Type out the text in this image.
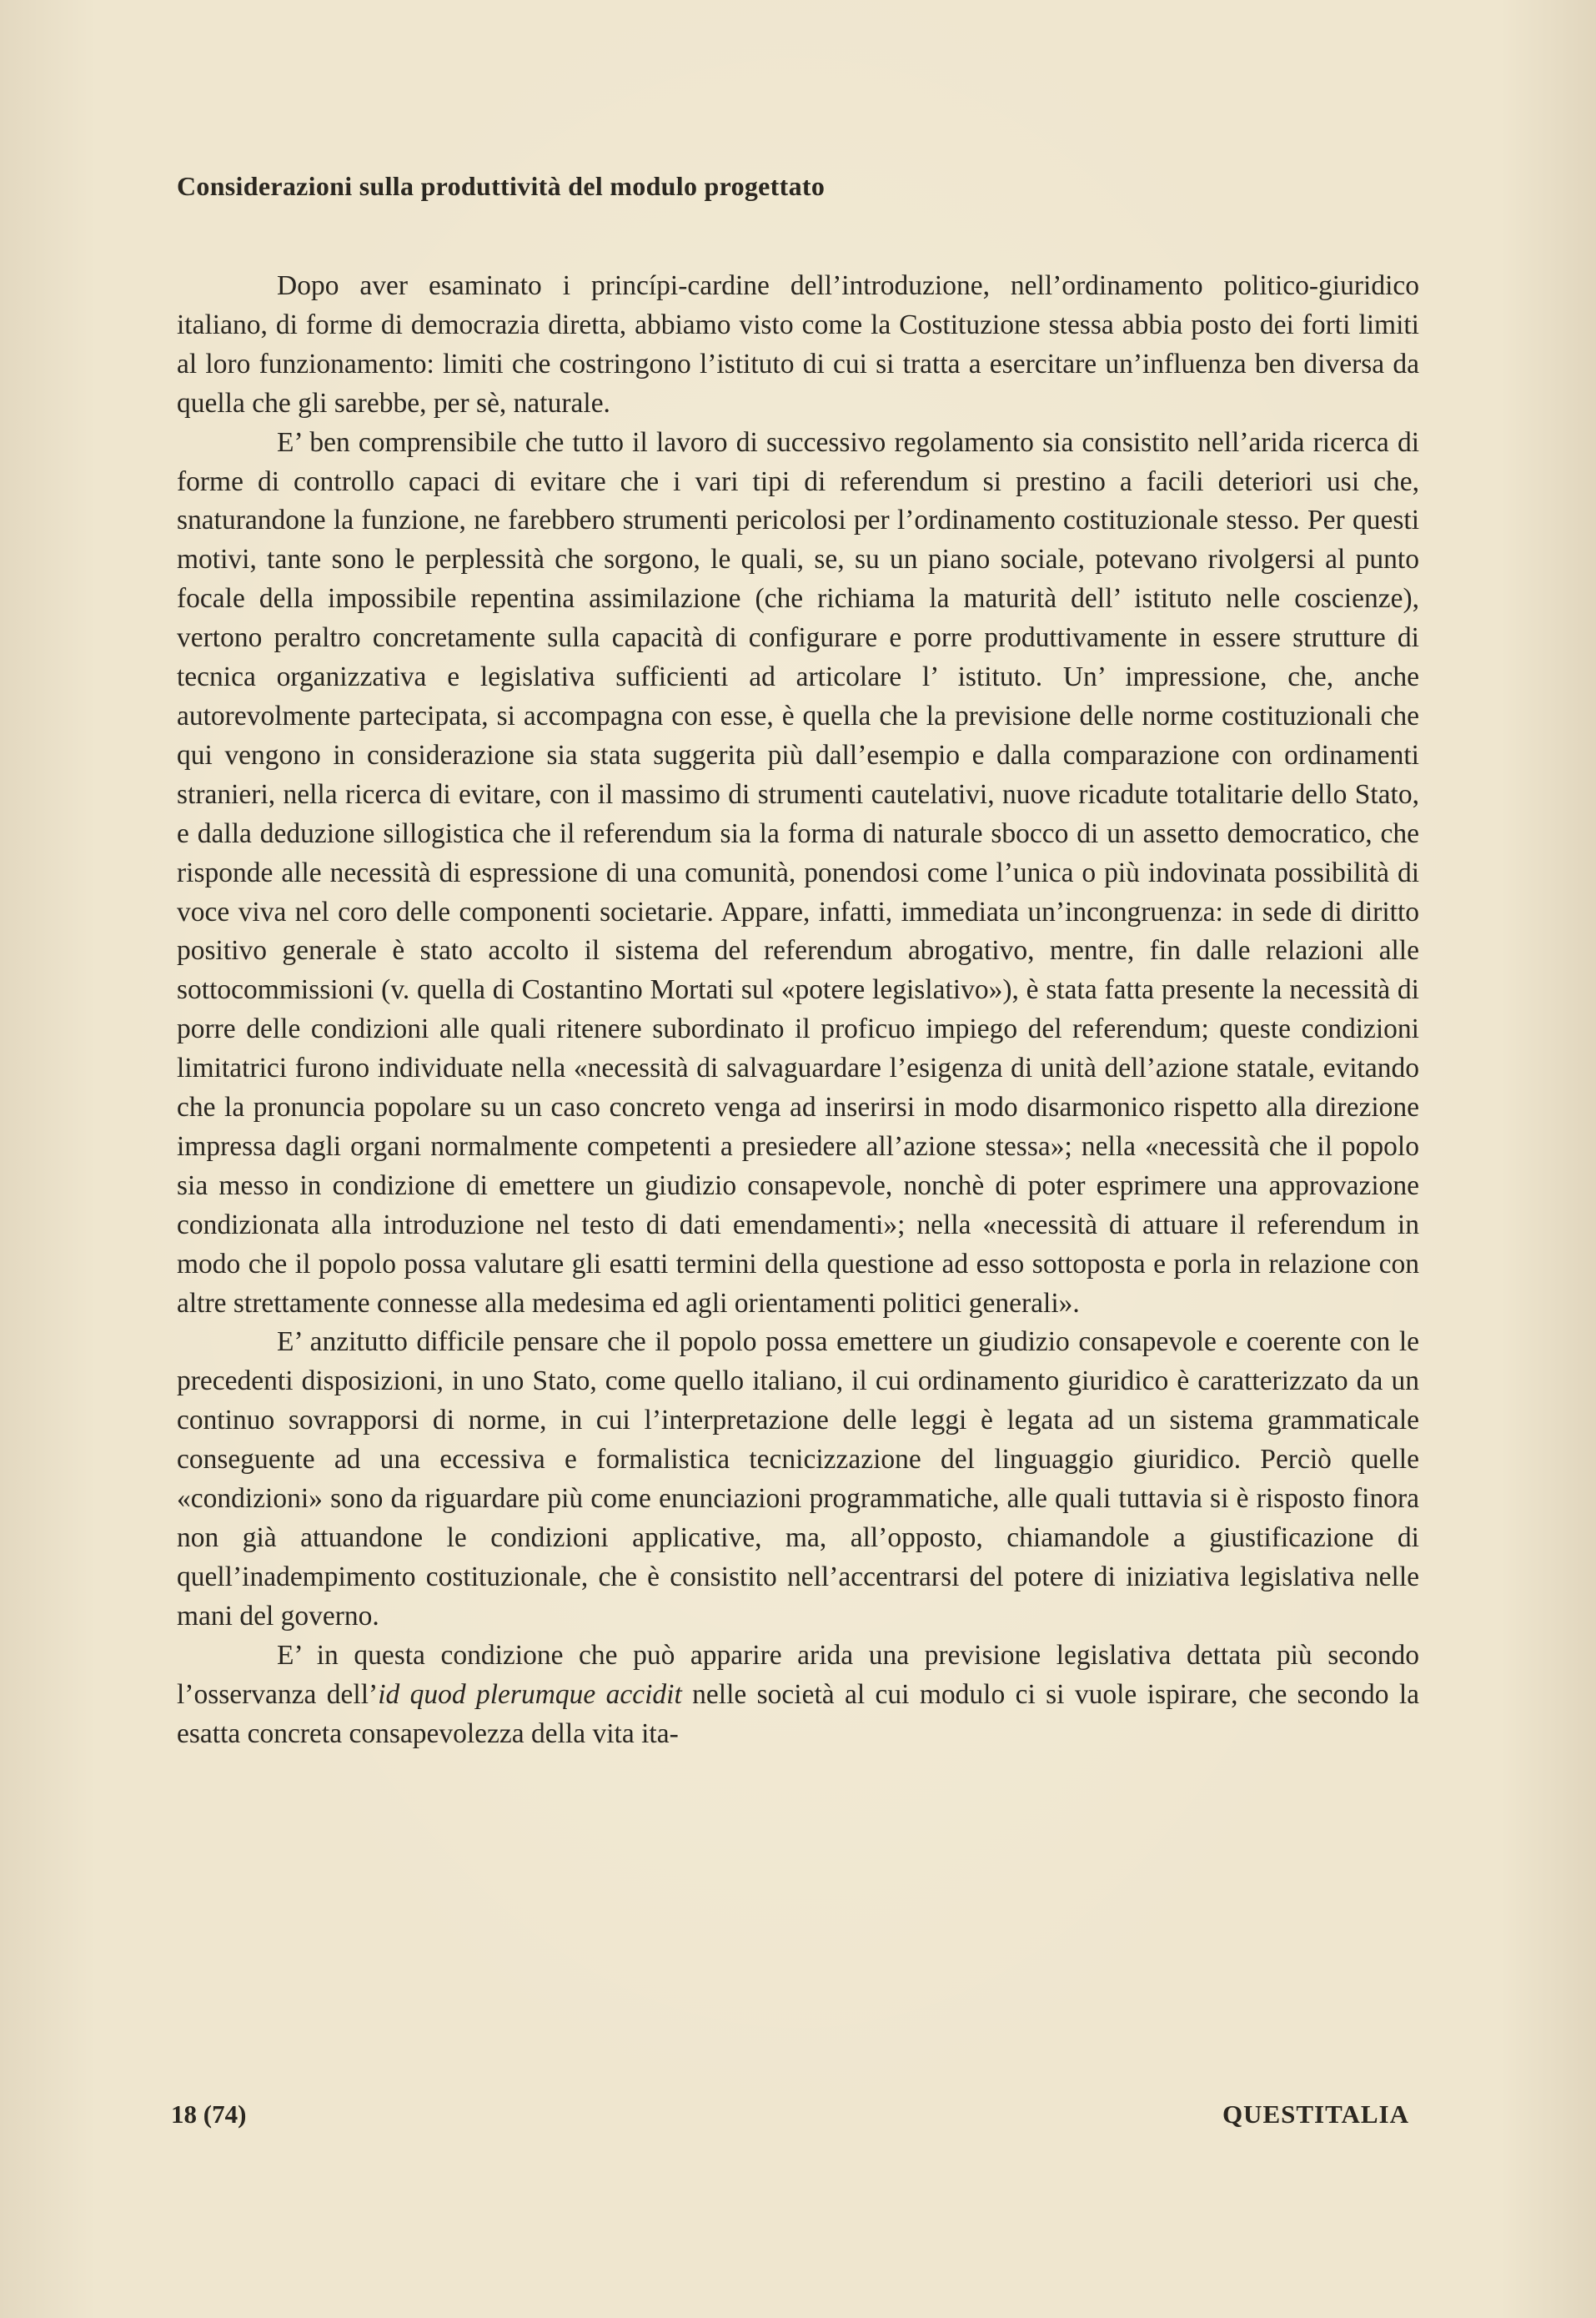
Considerazioni sulla produttività del modulo progettato

Dopo aver esaminato i princípi-cardine dell’introduzione, nell’ordinamento politico-giuridico italiano, di forme di democrazia diretta, abbiamo visto come la Costituzione stessa abbia posto dei forti limiti al loro funzionamento: limiti che costringono l’istituto di cui si tratta a esercitare un’influenza ben diversa da quella che gli sarebbe, per sè, naturale.

E’ ben comprensibile che tutto il lavoro di successivo regolamento sia consistito nell’arida ricerca di forme di controllo capaci di evitare che i vari tipi di referendum si prestino a facili deteriori usi che, snaturandone la funzione, ne farebbero strumenti pericolosi per l’ordinamento costituzionale stesso. Per questi motivi, tante sono le perplessità che sorgono, le quali, se, su un piano sociale, potevano rivolgersi al punto focale della impossibile repentina assimilazione (che richiama la maturità dell’ istituto nelle coscienze), vertono peraltro concretamente sulla capacità di configurare e porre produttivamente in essere strutture di tecnica organizzativa e legislativa sufficienti ad articolare l’ istituto. Un’ impressione, che, anche autorevolmente partecipata, si accompagna con esse, è quella che la previsione delle norme costituzionali che qui vengono in considerazione sia stata suggerita più dall’esempio e dalla comparazione con ordinamenti stranieri, nella ricerca di evitare, con il massimo di strumenti cautelativi, nuove ricadute totalitarie dello Stato, e dalla deduzione sillogistica che il referendum sia la forma di naturale sbocco di un assetto democratico, che risponde alle necessità di espressione di una comunità, ponendosi come l’unica o più indovinata possibilità di voce viva nel coro delle componenti societarie. Appare, infatti, immediata un’incongruenza: in sede di diritto positivo generale è stato accolto il sistema del referendum abrogativo, mentre, fin dalle relazioni alle sottocommissioni (v. quella di Costantino Mortati sul «potere legislativo»), è stata fatta presente la necessità di porre delle condizioni alle quali ritenere subordinato il proficuo impiego del referendum; queste condizioni limitatrici furono individuate nella «necessità di salvaguardare l’esigenza di unità dell’azione statale, evitando che la pronuncia popolare su un caso concreto venga ad inserirsi in modo disarmonico rispetto alla direzione impressa dagli organi normalmente competenti a presiedere all’azione stessa»; nella «necessità che il popolo sia messo in condizione di emettere un giudizio consapevole, nonchè di poter esprimere una approvazione condizionata alla introduzione nel testo di dati emendamenti»; nella «necessità di attuare il referendum in modo che il popolo possa valutare gli esatti termini della questione ad esso sottoposta e porla in relazione con altre strettamente connesse alla medesima ed agli orientamenti politici generali».

E’ anzitutto difficile pensare che il popolo possa emettere un giudizio consapevole e coerente con le precedenti disposizioni, in uno Stato, come quello italiano, il cui ordinamento giuridico è caratterizzato da un continuo sovrapporsi di norme, in cui l’interpretazione delle leggi è legata ad un sistema grammaticale conseguente ad una eccessiva e formalistica tecnicizzazione del linguaggio giuridico. Perciò quelle «condizioni» sono da riguardare più come enunciazioni programmatiche, alle quali tuttavia si è risposto finora non già attuandone le condizioni applicative, ma, all’opposto, chiamandole a giustificazione di quell’inadempimento costituzionale, che è consistito nell’accentrarsi del potere di iniziativa legislativa nelle mani del governo.

E’ in questa condizione che può apparire arida una previsione legislativa dettata più secondo l’osservanza dell’id quod plerumque accidit nelle società al cui modulo ci si vuole ispirare, che secondo la esatta concreta consapevolezza della vita ita-

18 (74)	QUESTITALIA
